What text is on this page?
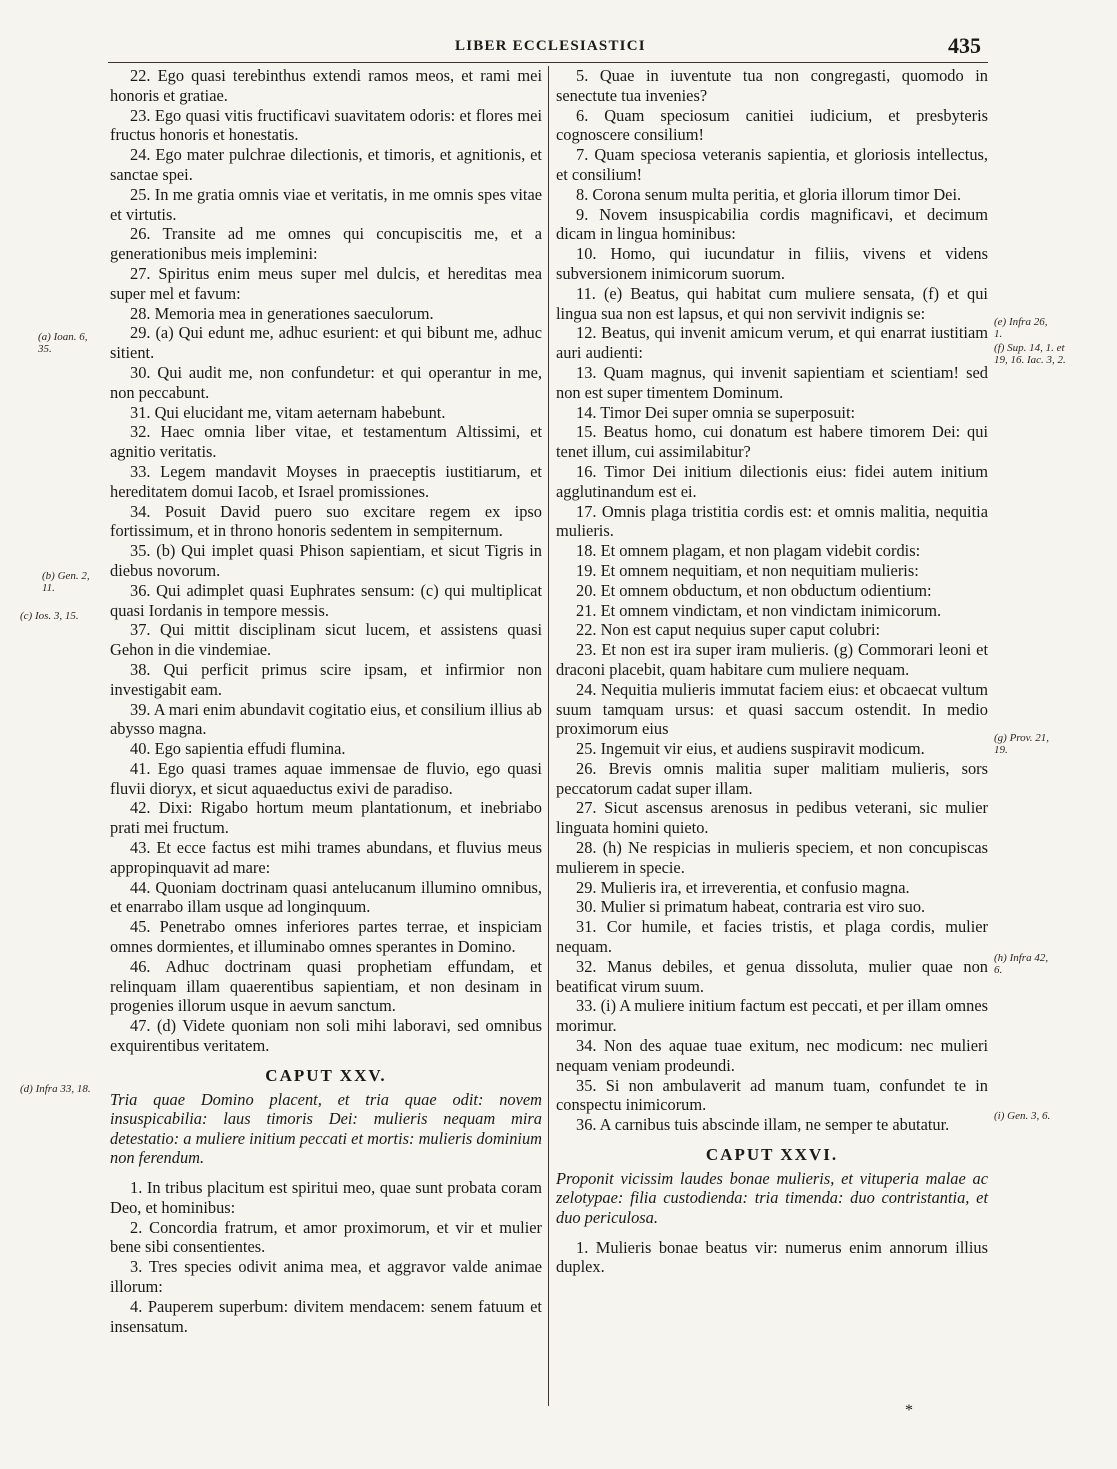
LIBER ECCLESIASTICI	435

22. Ego quasi terebinthus extendi ramos meos, et rami mei honoris et gratiae.

23. Ego quasi vitis fructificavi suavitatem odoris: et flores mei fructus honoris et honestatis.

24. Ego mater pulchrae dilectionis, et timoris, et agnitionis, et sanctae spei.

25. In me gratia omnis viae et veritatis, in me omnis spes vitae et virtutis.

26. Transite ad me omnes qui concupiscitis me, et a generationibus meis implemini:

27. Spiritus enim meus super mel dulcis, et hereditas mea super mel et favum:

28. Memoria mea in generationes saeculorum.

29. (a) Qui edunt me, adhuc esurient: et qui bibunt me, adhuc sitient.

30. Qui audit me, non confundetur: et qui operantur in me, non peccabunt.

31. Qui elucidant me, vitam aeternam habebunt.

32. Haec omnia liber vitae, et testamentum Altissimi, et agnitio veritatis.

33. Legem mandavit Moyses in praeceptis iustitiarum, et hereditatem domui Iacob, et Israel promissiones.

34. Posuit David puero suo excitare regem ex ipso fortissimum, et in throno honoris sedentem in sempiternum.

35. (b) Qui implet quasi Phison sapientiam, et sicut Tigris in diebus novorum.

36. Qui adimplet quasi Euphrates sensum: (c) qui multiplicat quasi Iordanis in tempore messis.

37. Qui mittit disciplinam sicut lucem, et assistens quasi Gehon in die vindemiae.

38. Qui perficit primus scire ipsam, et infirmior non investigabit eam.

39. A mari enim abundavit cogitatio eius, et consilium illius ab abysso magna.

40. Ego sapientia effudi flumina.

41. Ego quasi trames aquae immensae de fluvio, ego quasi fluvii dioryx, et sicut aquaeductus exivi de paradiso.

42. Dixi: Rigabo hortum meum plantationum, et inebriabo prati mei fructum.

43. Et ecce factus est mihi trames abundans, et fluvius meus appropinquavit ad mare:

44. Quoniam doctrinam quasi antelucanum illumino omnibus, et enarrabo illam usque ad longinquum.

45. Penetrabo omnes inferiores partes terrae, et inspiciam omnes dormientes, et illuminabo omnes sperantes in Domino.

46. Adhuc doctrinam quasi prophetiam effundam, et relinquam illam quaerentibus sapientiam, et non desinam in progenies illorum usque in aevum sanctum.

47. (d) Videte quoniam non soli mihi laboravi, sed omnibus exquirentibus veritatem.

CAPUT XXV.

Tria quae Domino placent, et tria quae odit: novem insuspicabilia: laus timoris Dei: mulieris nequam mira detestatio: a muliere initium peccati et mortis: mulieris dominium non ferendum.

1. In tribus placitum est spiritui meo, quae sunt probata coram Deo, et hominibus:

2. Concordia fratrum, et amor proximorum, et vir et mulier bene sibi consentientes.

3. Tres species odivit anima mea, et aggravor valde animae illorum:

4. Pauperem superbum: divitem mendacem: senem fatuum et insensatum.

5. Quae in iuventute tua non congregasti, quomodo in senectute tua invenies?

6. Quam speciosum canitiei iudicium, et presbyteris cognoscere consilium!

7. Quam speciosa veteranis sapientia, et gloriosis intellectus, et consilium!

8. Corona senum multa peritia, et gloria illorum timor Dei.

9. Novem insuspicabilia cordis magnificavi, et decimum dicam in lingua hominibus:

10. Homo, qui iucundatur in filiis, vivens et videns subversionem inimicorum suorum.

11. (e) Beatus, qui habitat cum muliere sensata, (f) et qui lingua sua non est lapsus, et qui non servivit indignis se:

12. Beatus, qui invenit amicum verum, et qui enarrat iustitiam auri audienti:

13. Quam magnus, qui invenit sapientiam et scientiam! sed non est super timentem Dominum.

14. Timor Dei super omnia se superposuit:

15. Beatus homo, cui donatum est habere timorem Dei: qui tenet illum, cui assimilabitur?

16. Timor Dei initium dilectionis eius: fidei autem initium agglutinandum est ei.

17. Omnis plaga tristitia cordis est: et omnis malitia, nequitia mulieris.

18. Et omnem plagam, et non plagam videbit cordis:

19. Et omnem nequitiam, et non nequitiam mulieris:

20. Et omnem obductum, et non obductum odientium:

21. Et omnem vindictam, et non vindictam inimicorum.

22. Non est caput nequius super caput colubri:

23. Et non est ira super iram mulieris. (g) Commorari leoni et draconi placebit, quam habitare cum muliere nequam.

24. Nequitia mulieris immutat faciem eius: et obcaecat vultum suum tamquam ursus: et quasi saccum ostendit. In medio proximorum eius

25. Ingemuit vir eius, et audiens suspiravit modicum.

26. Brevis omnis malitia super malitiam mulieris, sors peccatorum cadat super illam.

27. Sicut ascensus arenosus in pedibus veterani, sic mulier linguata homini quieto.

28. (h) Ne respicias in mulieris speciem, et non concupiscas mulierem in specie.

29. Mulieris ira, et irreverentia, et confusio magna.

30. Mulier si primatum habeat, contraria est viro suo.

31. Cor humile, et facies tristis, et plaga cordis, mulier nequam.

32. Manus debiles, et genua dissoluta, mulier quae non beatificat virum suum.

33. (i) A muliere initium factum est peccati, et per illam omnes morimur.

34. Non des aquae tuae exitum, nec modicum: nec mulieri nequam veniam prodeundi.

35. Si non ambulaverit ad manum tuam, confundet te in conspectu inimicorum.

36. A carnibus tuis abscinde illam, ne semper te abutatur.

CAPUT XXVI.

Proponit vicissim laudes bonae mulieris, et vituperia malae ac zelotypae: filia custodienda: tria timenda: duo contristantia, et duo periculosa.

1. Mulieris bonae beatus vir: numerus enim annorum illius duplex.

(a) Ioan. 6, 35.
(b) Gen. 2, 11.
(c) Ios. 3, 15.
(d) Infra 33, 18.
(e) Infra 26, 1.
(f) Sup. 14, 1. et 19, 16. Iac. 3, 2.
(g) Prov. 21, 19.
(h) Infra 42, 6.
(i) Gen. 3, 6.
*
